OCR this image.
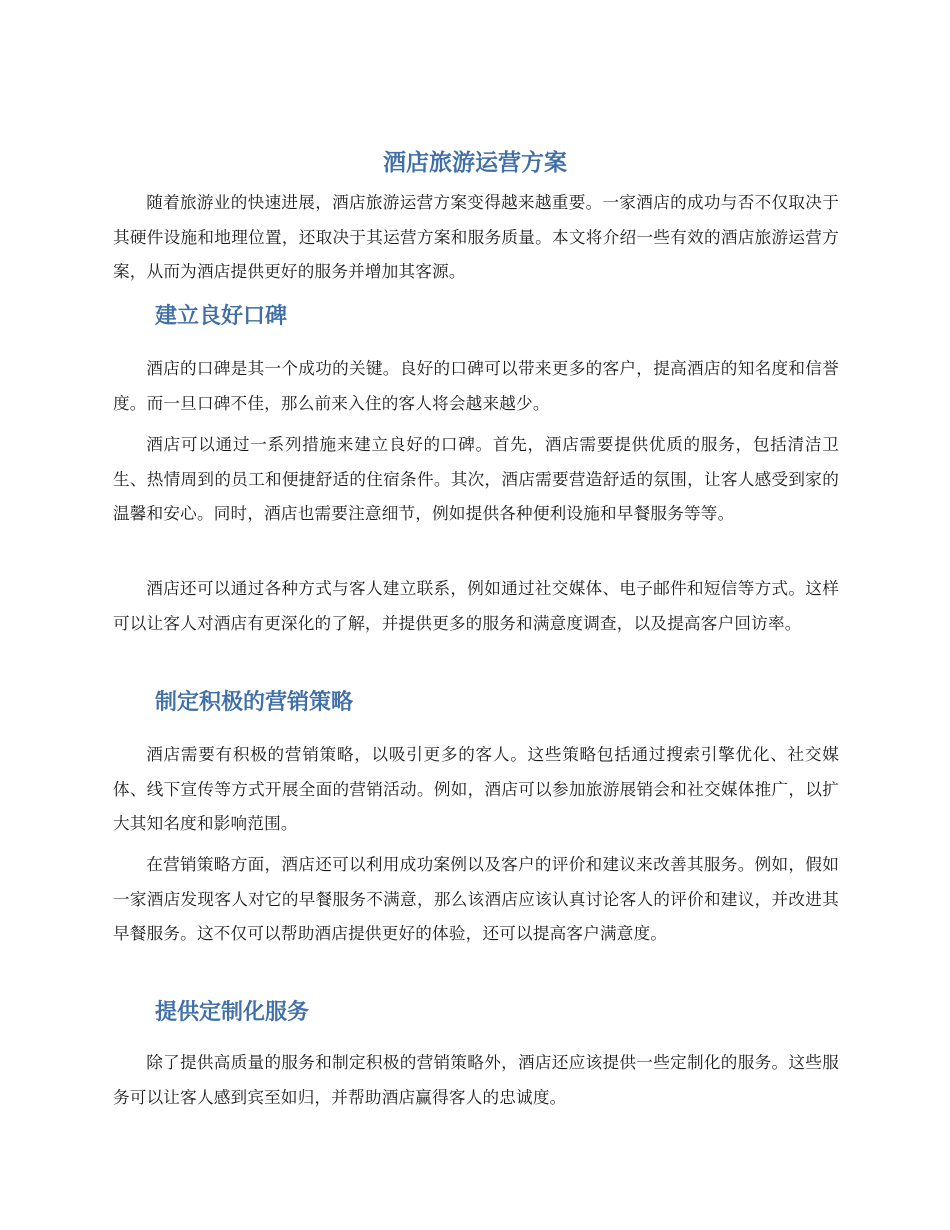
酒店旅游运营方案

随着旅游业的快速进展，酒店旅游运营方案变得越来越重要。一家酒店的成功与否不仅取决于其硬件设施和地理位置，还取决于其运营方案和服务质量。本文将介绍一些有效的酒店旅游运营方案，从而为酒店提供更好的服务并增加其客源。

建立良好口碑

酒店的口碑是其一个成功的关键。良好的口碑可以带来更多的客户，提高酒店的知名度和信誉度。而一旦口碑不佳，那么前来入住的客人将会越来越少。

酒店可以通过一系列措施来建立良好的口碑。首先，酒店需要提供优质的服务，包括清洁卫生、热情周到的员工和便捷舒适的住宿条件。其次，酒店需要营造舒适的氛围，让客人感受到家的温馨和安心。同时，酒店也需要注意细节，例如提供各种便利设施和早餐服务等等。

酒店还可以通过各种方式与客人建立联系，例如通过社交媒体、电子邮件和短信等方式。这样可以让客人对酒店有更深化的了解，并提供更多的服务和满意度调查，以及提高客户回访率。

制定积极的营销策略

酒店需要有积极的营销策略，以吸引更多的客人。这些策略包括通过搜索引擎优化、社交媒体、线下宣传等方式开展全面的营销活动。例如，酒店可以参加旅游展销会和社交媒体推广，以扩大其知名度和影响范围。

在营销策略方面，酒店还可以利用成功案例以及客户的评价和建议来改善其服务。例如，假如一家酒店发现客人对它的早餐服务不满意，那么该酒店应该认真讨论客人的评价和建议，并改进其早餐服务。这不仅可以帮助酒店提供更好的体验，还可以提高客户满意度。

提供定制化服务

除了提供高质量的服务和制定积极的营销策略外，酒店还应该提供一些定制化的服务。这些服务可以让客人感到宾至如归，并帮助酒店赢得客人的忠诚度。
